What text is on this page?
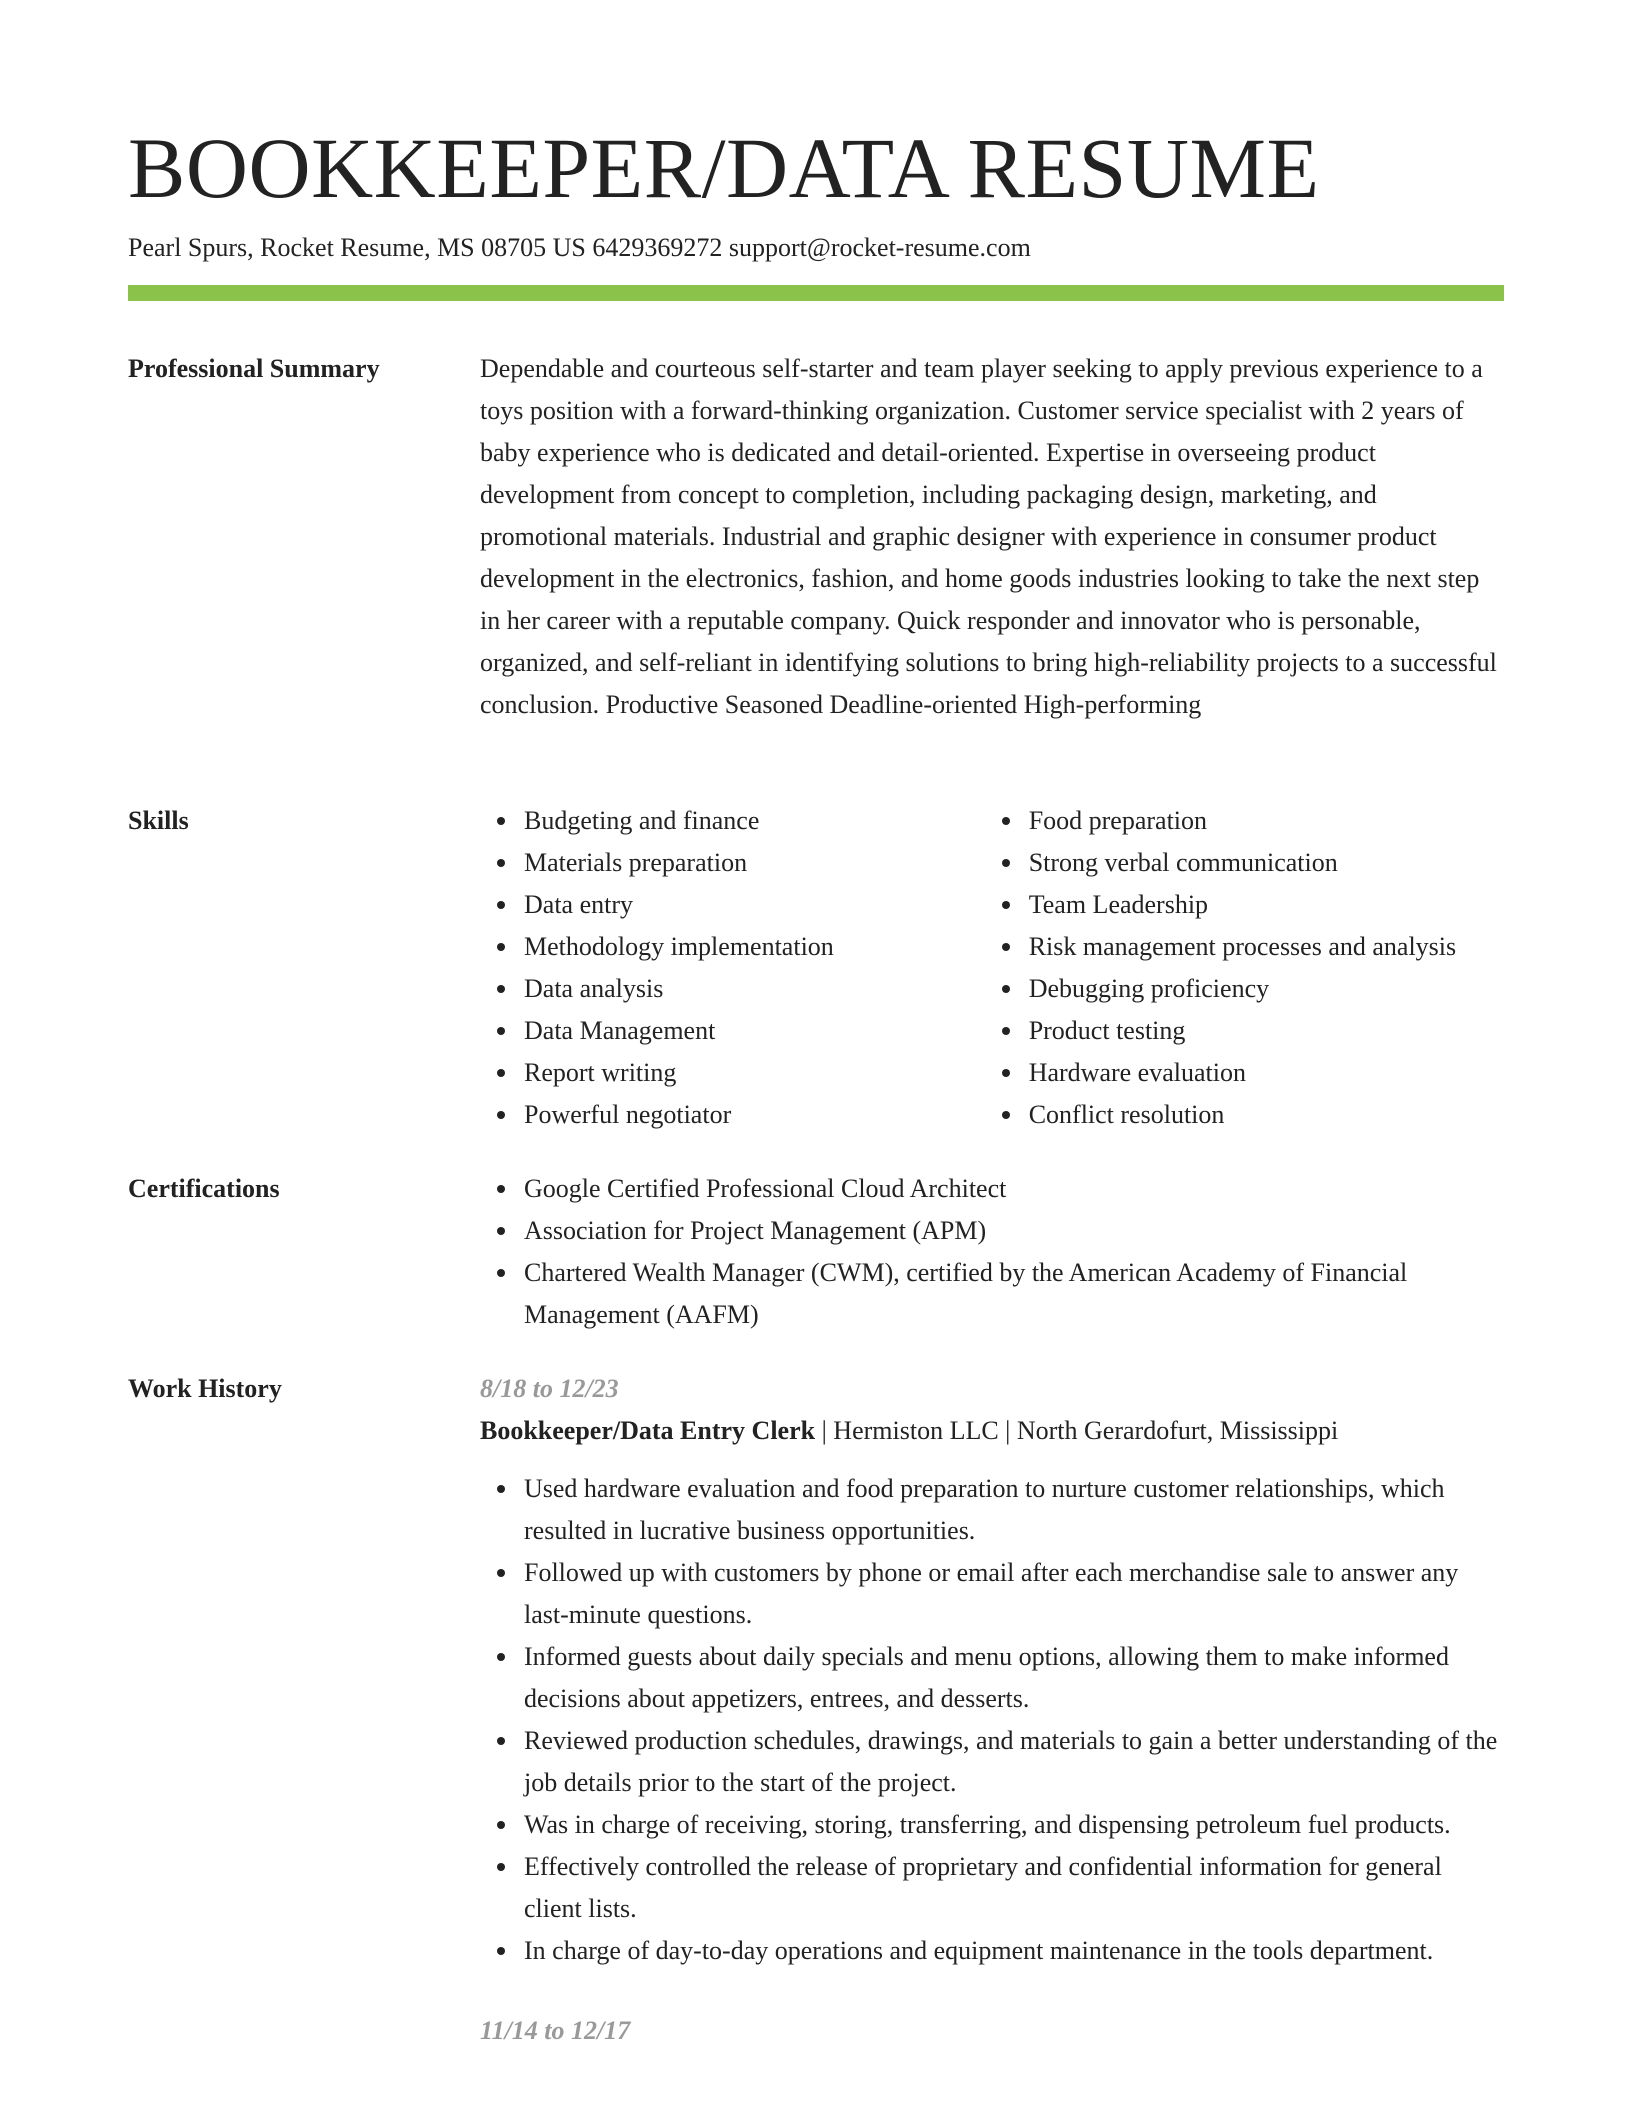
BOOKKEEPER/DATA RESUME
Pearl Spurs, Rocket Resume, MS 08705 US 6429369272 support@rocket-resume.com
Professional Summary	Dependable and courteous self-starter and team player seeking to apply previous experience to a toys position with a forward-thinking organization. Customer service specialist with 2 years of baby experience who is dedicated and detail-oriented. Expertise in overseeing product development from concept to completion, including packaging design, marketing, and promotional materials. Industrial and graphic designer with experience in consumer product development in the electronics, fashion, and home goods industries looking to take the next step in her career with a reputable company. Quick responder and innovator who is personable, organized, and self-reliant in identifying solutions to bring high-reliability projects to a successful conclusion. Productive Seasoned Deadline-oriented High-performing

Skills	Budgeting and finance
Materials preparation
Data entry
Methodology implementation
Data analysis
Data Management
Report writing
Powerful negotiator
Food preparation
Strong verbal communication
Team Leadership
Risk management processes and analysis
Debugging proficiency
Product testing
Hardware evaluation
Conflict resolution
Certifications	Google Certified Professional Cloud Architect
Association for Project Management (APM)
Chartered Wealth Manager (CWM), certified by the American Academy of Financial Management (AAFM)
Work History	8/18 to 12/23
Bookkeeper/Data Entry Clerk | Hermiston LLC | North Gerardofurt, Mississippi
Used hardware evaluation and food preparation to nurture customer relationships, which resulted in lucrative business opportunities.
Followed up with customers by phone or email after each merchandise sale to answer any last-minute questions.
Informed guests about daily specials and menu options, allowing them to make informed decisions about appetizers, entrees, and desserts.
Reviewed production schedules, drawings, and materials to gain a better understanding of the job details prior to the start of the project.
Was in charge of receiving, storing, transferring, and dispensing petroleum fuel products.
Effectively controlled the release of proprietary and confidential information for general client lists.
In charge of day-to-day operations and equipment maintenance in the tools department.
11/14 to 12/17
